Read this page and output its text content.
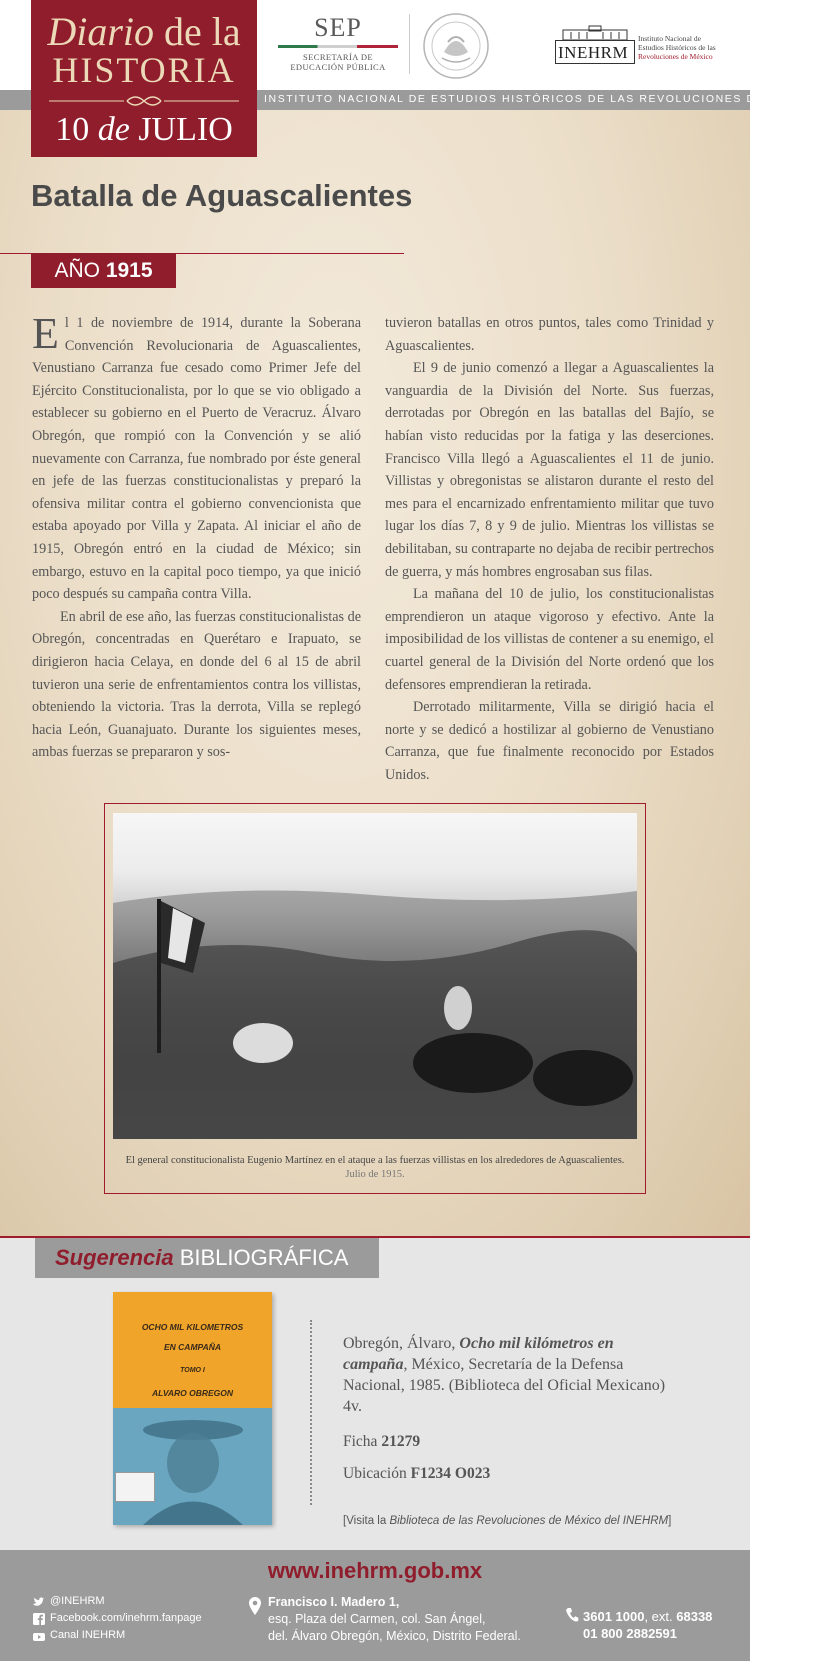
INSTITUTO NACIONAL DE ESTUDIOS HISTÓRICOS DE LAS REVOLUCIONES DE MÉXICO
Diario de la
HISTORIA
10 de JULIO
SEP
SECRETARÍA DE
EDUCACIÓN PÚBLICA
INEHRM
Instituto Nacional de
Estudios Históricos de las
Revoluciones de México
Batalla de Aguascalientes
AÑO 1915

El 1 de noviembre de 1914, durante la Soberana Convención Revolucionaria de Aguascalientes, Venustiano Carranza fue cesado como Primer Jefe del Ejército Constitucionalista, por lo que se vio obligado a establecer su gobierno en el Puerto de Veracruz. Álvaro Obregón, que rompió con la Convención y se alió nuevamente con Carranza, fue nombrado por éste general en jefe de las fuerzas constitucionalistas y preparó la ofensiva militar contra el gobierno convencionista que estaba apoyado por Villa y Zapata. Al iniciar el año de 1915, Obregón entró en la ciudad de México; sin embargo, estuvo en la capital poco tiempo, ya que inició poco después su campaña contra Villa.

En abril de ese año, las fuerzas constitucionalistas de Obregón, concentradas en Querétaro e Irapuato, se dirigieron hacia Celaya, en donde del 6 al 15 de abril tuvieron una serie de enfrentamientos contra los villistas, obteniendo la victoria. Tras la derrota, Villa se replegó hacia León, Guanajuato. Durante los siguientes meses, ambas fuerzas se prepararon y sos-

tuvieron batallas en otros puntos, tales como Trinidad y Aguascalientes.

El 9 de junio comenzó a llegar a Aguascalientes la vanguardia de la División del Norte. Sus fuerzas, derrotadas por Obregón en las batallas del Bajío, se habían visto reducidas por la fatiga y las deserciones. Francisco Villa llegó a Aguascalientes el 11 de junio. Villistas y obregonistas se alistaron durante el resto del mes para el encarnizado enfrentamiento militar que tuvo lugar los días 7, 8 y 9 de julio. Mientras los villistas se debilitaban, su contraparte no dejaba de recibir pertrechos de guerra, y más hombres engrosaban sus filas.

La mañana del 10 de julio, los constitucionalistas emprendieron un ataque vigoroso y efectivo. Ante la imposibilidad de los villistas de contener a su enemigo, el cuartel general de la División del Norte ordenó que los defensores emprendieran la retirada.

Derrotado militarmente, Villa se dirigió hacia el norte y se dedicó a hostilizar al gobierno de Venustiano Carranza, que fue finalmente reconocido por Estados Unidos.

El general constitucionalista Eugenio Martínez en el ataque a las fuerzas villistas en los alrededores de Aguascalientes. Julio de 1915.
Sugerencia BIBLIOGRÁFICA
OCHO MIL KILOMETROS
EN CAMPAÑA
TOMO I
ALVARO OBREGON
Obregón, Álvaro, Ocho mil kilómetros en campaña, México, Secretaría de la Defensa Nacional, 1985. (Biblioteca del Oficial Mexicano) 4v.
Ficha 21279
Ubicación F1234 O023
[Visita la Biblioteca de las Revoluciones de México del INEHRM]
www.inehrm.gob.mx
@INEHRM
Facebook.com/inehrm.fanpage
Canal INEHRM
Francisco I. Madero 1,
esq. Plaza del Carmen, col. San Ángel,
del. Álvaro Obregón, México, Distrito Federal.
3601 1000, ext. 68338
01 800 2882591
